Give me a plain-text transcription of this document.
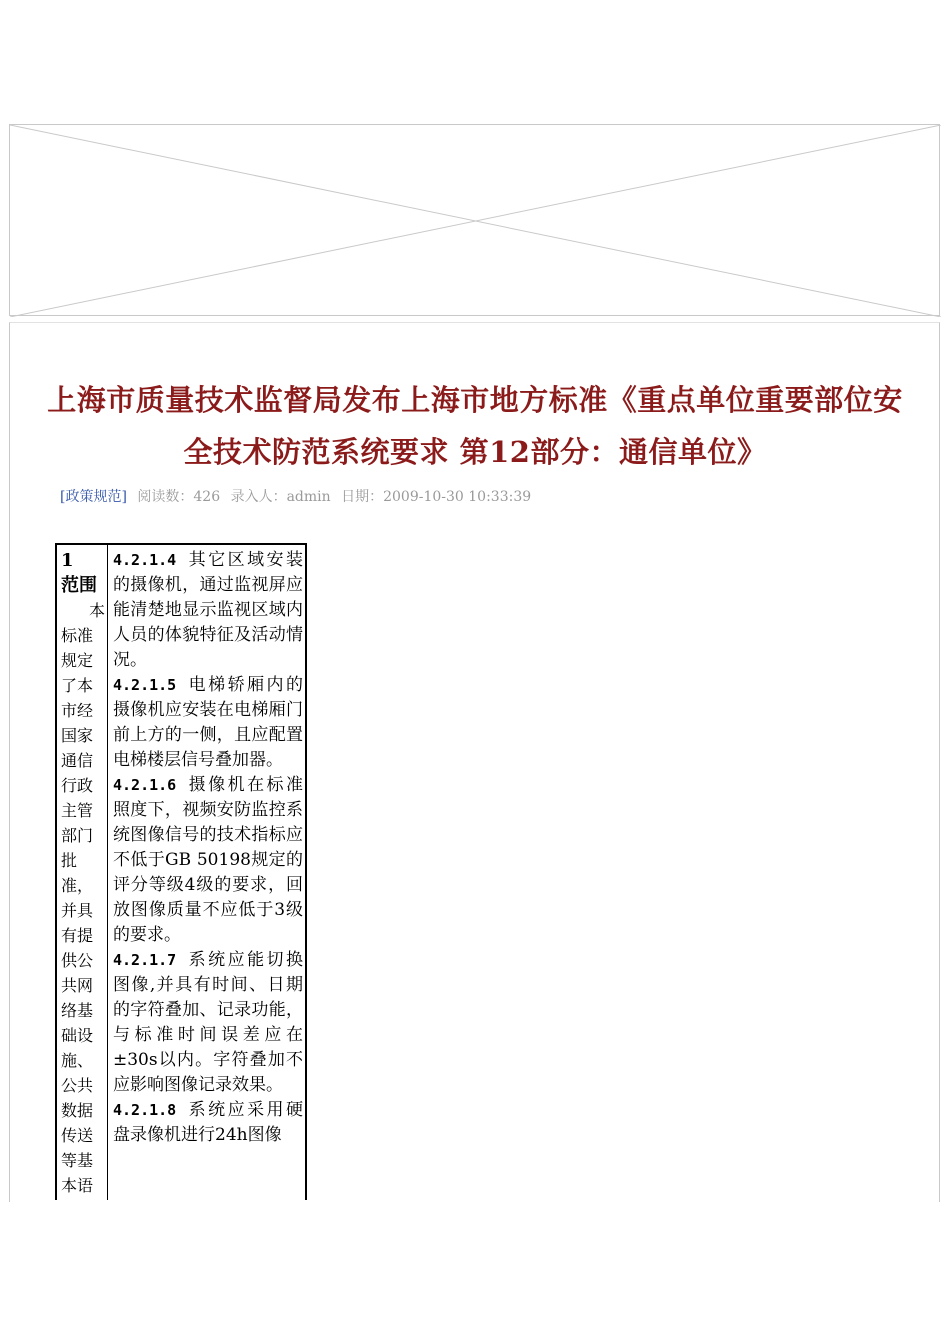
上海市质量技术监督局发布上海市地方标准《重点单位重要部位安全技术防范系统要求 第12部分：通信单位》
[政策规范] 阅读数：426 录入人：admin 日期：2009-10-30 10:33:39
1　范围
本
标准规定了本市经国家通信行政主管部门批准，并具有提供公共网络基础设施、公共数据传送等基本语
4.2.1.4 其它区域安装的摄像机，通过监视屏应能清楚地显示监视区域内人员的体貌特征及活动情况。
4.2.1.5 电梯轿厢内的摄像机应安装在电梯厢门前上方的一侧，且应配置电梯楼层信号叠加器。
4.2.1.6 摄像机在标准照度下，视频安防监控系统图像信号的技术指标应不低于GB 50198规定的评分等级4级的要求，回放图像质量不应低于3级的要求。
4.2.1.7 系统应能切换图像,并具有时间、日期的字符叠加、记录功能，与标准时间误差应在±30s以内。字符叠加不应影响图像记录效果。
4.2.1.8 系统应采用硬盘录像机进行24h图像
